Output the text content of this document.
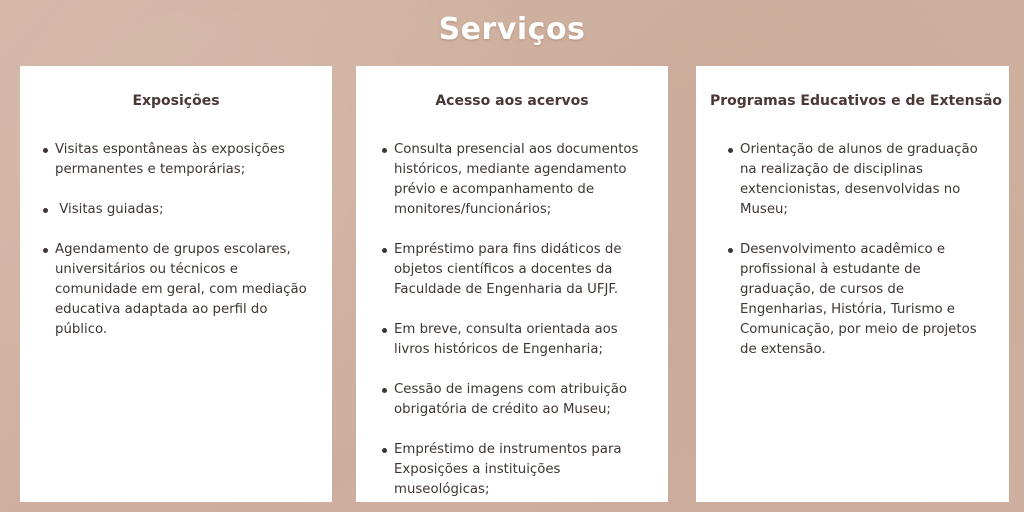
Serviços
Exposições
Visitas espontâneas às exposições permanentes e temporárias;
Visitas guiadas;
Agendamento de grupos escolares, universitários ou técnicos e comunidade em geral, com mediação educativa adaptada ao perfil do público.
Acesso aos acervos
Consulta presencial aos documentos históricos, mediante agendamento prévio e acompanhamento de monitores/funcionários;
Empréstimo para fins didáticos de objetos científicos a docentes da Faculdade de Engenharia da UFJF.
Em breve, consulta orientada aos livros históricos de Engenharia;
Cessão de imagens com atribuição obrigatória de crédito ao Museu;
Empréstimo de instrumentos para Exposições a instituições museológicas;
Programas Educativos e de Extensão
Orientação de alunos de graduação na realização de disciplinas extencionistas, desenvolvidas no Museu;
Desenvolvimento acadêmico e profissional à estudante de graduação, de cursos de Engenharias, História, Turismo e Comunicação, por meio de projetos de extensão.
